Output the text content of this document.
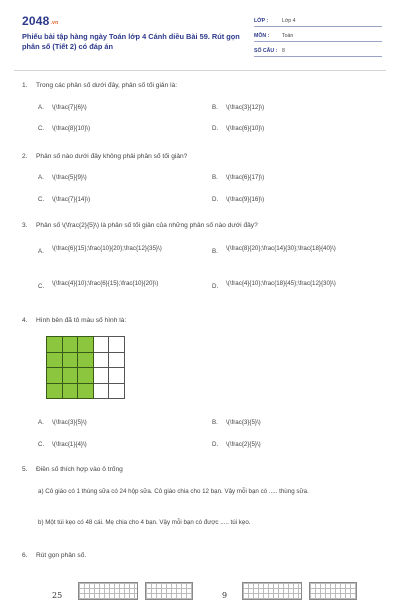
$2048^{.vn}$
Phiếu bài tập hàng ngày Toán lớp 4 Cánh diều Bài 59. Rút gọn phân số (Tiết 2) có đáp án
LỚP :	Lớp 4
MÔN : Toán
SỐ CÂU : 8
1. Trong các phân số dưới đây, phân số tối giản là:
A. \(\frac{7}{6}\)	B. \(\frac{3}{12}\)
C. \(\frac{8}{10}\)	D. \(\frac{6}{10}\)
2. Phân số nào dưới đây không phải phân số tối giản?
A. \(\frac{5}{9}\)	B. \(\frac{6}{17}\)
C. \(\frac{7}{14}\)	D. \(\frac{9}{16}\)
3. Phân số \(\frac{2}{5}\) là phân số tối giản của những phân số nào dưới đây?
A. \(\frac{6}{15};\frac{10}{20};\frac{12}{35}\)	B. \(\frac{8}{20};\frac{14}{30};\frac{18}{40}\)
C. \(\frac{4}{10};\frac{6}{15};\frac{10}{20}\)	D. \(\frac{4}{10};\frac{18}{45};\frac{12}{30}\)
4. Hình bên đã tô màu số hình là:

A. \(\frac{3}{5}\)	B. \(\frac{3}{5}\)
C. \(\frac{1}{4}\)	D. \(\frac{2}{5}\)
5. Điền số thích hợp vào ô trống
a) Cô giáo có 1 thùng sữa có 24 hộp sữa. Cô giáo chia cho 12 bạn. Vậy mỗi bạn có ..... thùng sữa.
b) Một túi kẹo có 48 cái. Mẹ chia cho 4 bạn. Vậy mỗi bạn có được ..... túi kẹo.
6. Rút gọn phân số.
25	9
